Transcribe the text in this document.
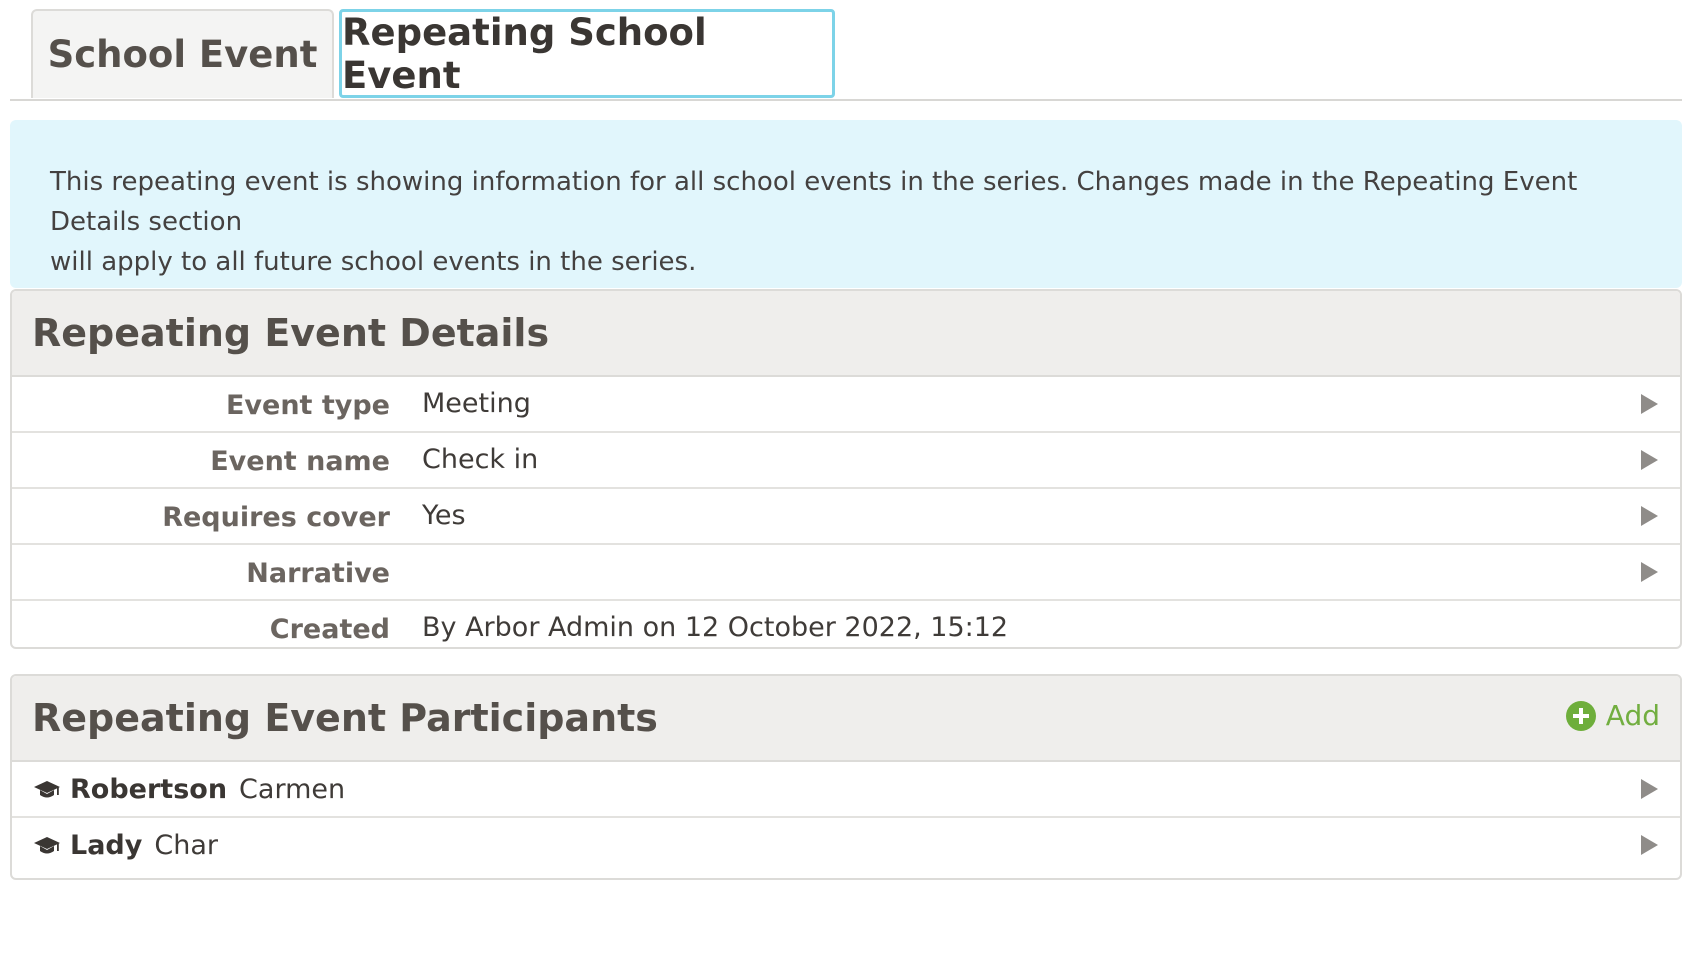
School Event
Repeating School Event
This repeating event is showing information for all school events in the series. Changes made in the Repeating Event Details section
will apply to all future school events in the series.
Repeating Event Details
Event type Meeting
Event name Check in
Requires cover Yes
Narrative
Created By Arbor Admin on 12 October 2022, 15:12
Repeating Event Participants	Add
Robertson Carmen
Lady Char
